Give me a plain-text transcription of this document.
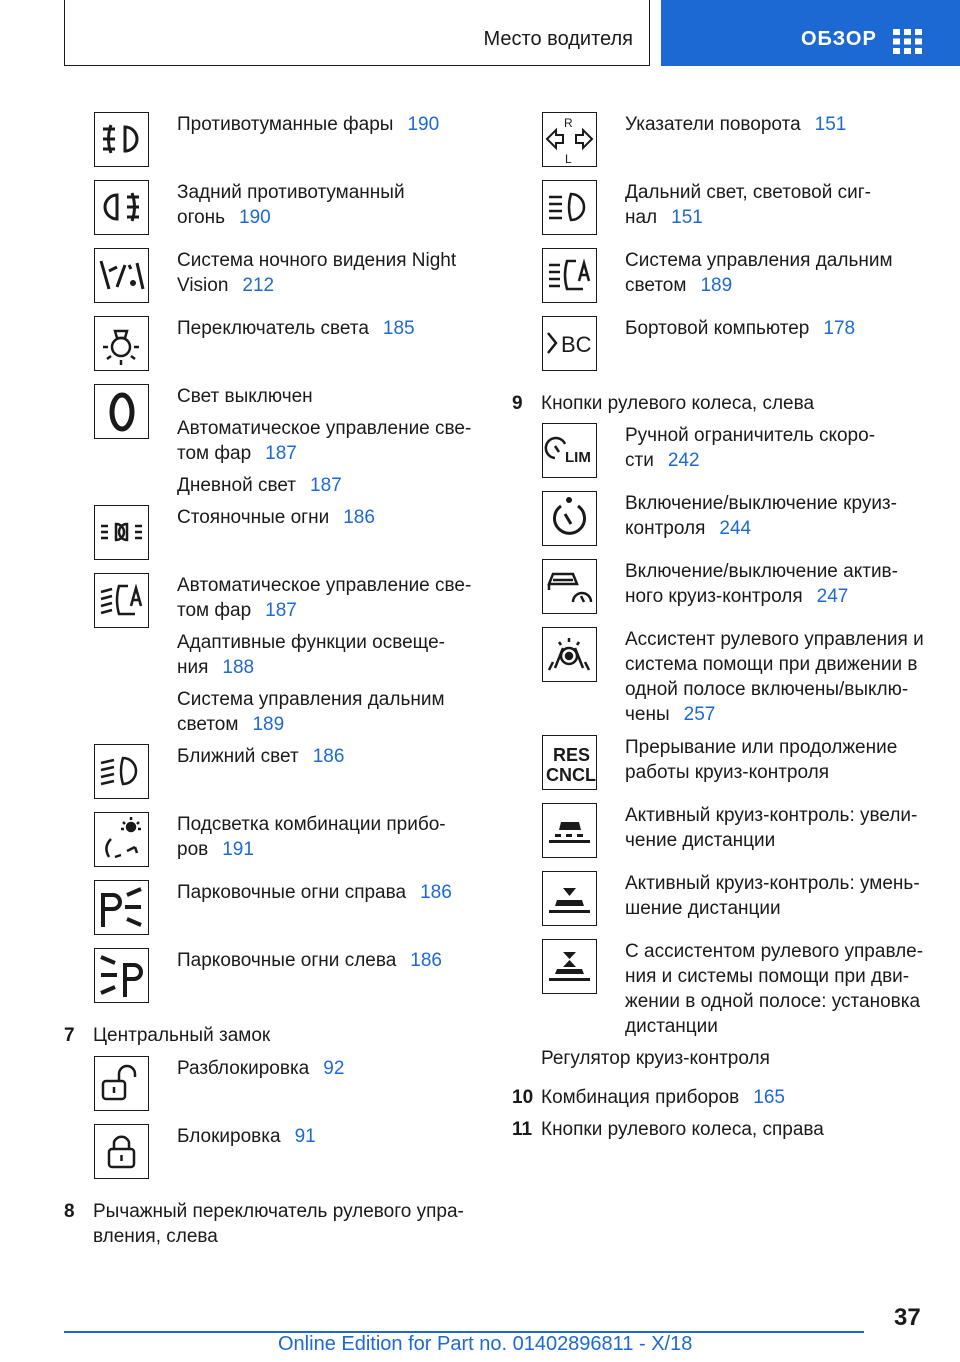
Место водителя	ОБЗОР
Противотуманные фары 190
Задний противотуманный
огонь 190
Система ночного видения Night
Vision 212
Переключатель света 185
Свет выключен
Автоматическое управление све-
том фар 187
Дневной свет 187
Стояночные огни 186
Автоматическое управление све-
том фар 187
Адаптивные функции освеще-
ния 188
Система управления дальним
светом 189
Ближний свет 186
Подсветка комбинации прибо-
ров 191
Парковочные огни справа 186
Парковочные огни слева 186
7 Центральный замок
Разблокировка 92
Блокировка 91
8 Рычажный переключатель рулевого упра-
вления, слева
R
L
Указатели поворота 151
Дальний свет, световой сиг-
нал 151
Система управления дальним
светом 189
BC
Бортовой компьютер 178
9 Кнопки рулевого колеса, слева
LIM
Ручной ограничитель скоро-
сти 242
Включение/выключение круиз-
контроля 244
Включение/выключение актив-
ного круиз-контроля 247
Ассистент рулевого управления и
система помощи при движении в
одной полосе включены/выклю-
чены 257
RES
CNCL
Прерывание или продолжение
работы круиз-контроля
Активный круиз-контроль: увели-
чение дистанции
Активный круиз-контроль: умень-
шение дистанции
С ассистентом рулевого управле-
ния и системы помощи при дви-
жении в одной полосе: установка
дистанции
Регулятор круиз-контроля
10 Комбинация приборов 165
11 Кнопки рулевого колеса, справа
37
Online Edition for Part no. 01402896811 - X/18
